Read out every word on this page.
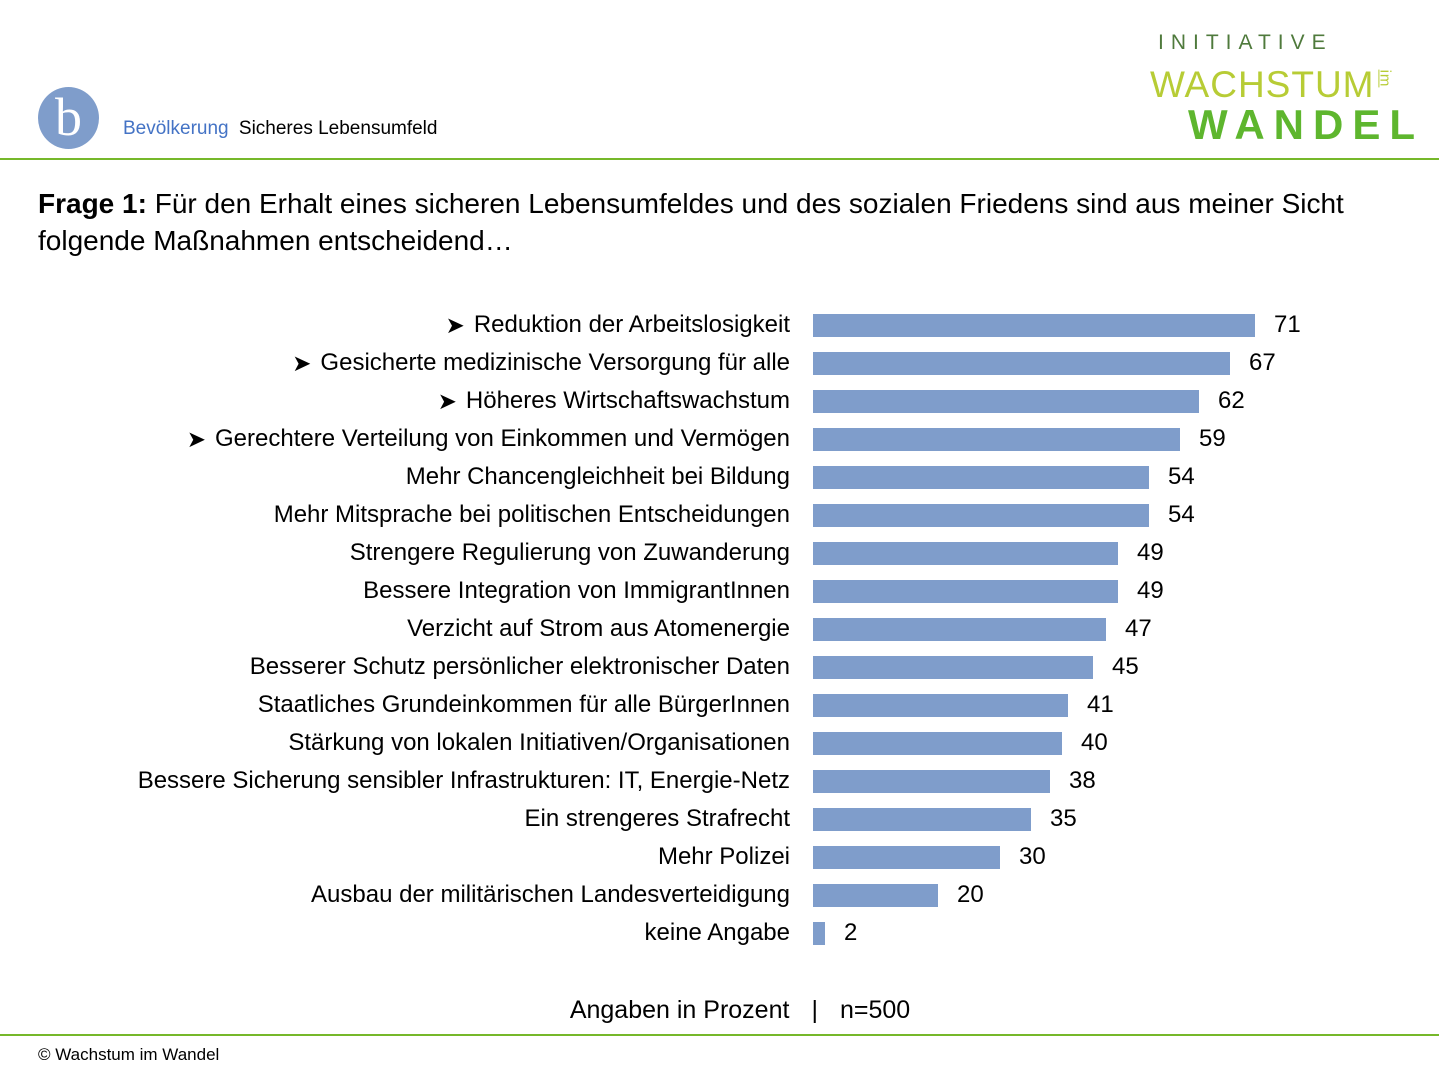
b Bevölkerung Sicheres Lebensumfeld
INITIATIVE
WACHSTUMim
WANDEL
Frage 1: Für den Erhalt eines sicheren Lebensumfeldes und des sozialen Friedens sind aus meiner Sicht folgende Maßnahmen entscheidend…
➤ Reduktion der Arbeitslosigkeit	71
➤ Gesicherte medizinische Versorgung für alle	67
➤ Höheres Wirtschaftswachstum	62
➤ Gerechtere Verteilung von Einkommen und Vermögen	59
Mehr Chancengleichheit bei Bildung	54
Mehr Mitsprache bei politischen Entscheidungen	54
Strengere Regulierung von Zuwanderung	49
Bessere Integration von ImmigrantInnen	49
Verzicht auf Strom aus Atomenergie	47
Besserer Schutz persönlicher elektronischer Daten	45
Staatliches Grundeinkommen für alle BürgerInnen	41
Stärkung von lokalen Initiativen/Organisationen	40
Bessere Sicherung sensibler Infrastrukturen: IT, Energie-Netz	38
Ein strengeres Strafrecht	35
Mehr Polizei	30
Ausbau der militärischen Landesverteidigung	20
keine Angabe 2
Angaben in Prozent | n=500
© Wachstum im Wandel
